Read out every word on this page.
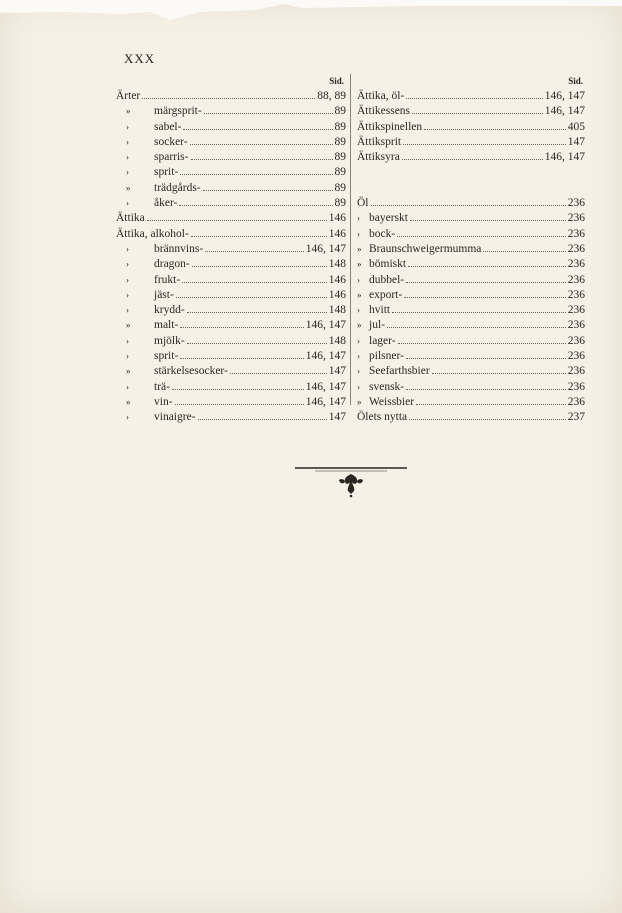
XXX
Sid.
Ärter	88, 89
»	märgsprit-	89
›	sabel-	89
›	socker-	89
›	sparris-	89
›	sprit-	89
»	trädgårds-	89
›	åker-	89
Ättika	146
Ättika, alkohol-	146
›	brännvins-	146, 147
›	dragon-	148
›	frukt-	146
›	jäst-	146
›	krydd-	148
»	malt-	146, 147
›	mjölk-	148
›	sprit-	146, 147
»	stärkelsesocker-	147
›	trä-	146, 147
»	vin-	146, 147
›	vinaigre-	147
Sid.
Ättika, öl-	146, 147
Ättikessens	146, 147
Ättikspinellen	405
Ättiksprit	147
Ättiksyra	146, 147
Öl	236
› bayerskt	236
› bock-	236
» Braunschweigermumma	236
» bömiskt	236
› dubbel-	236
» export-	236
› hvitt	236
» jul-	236
› lager-	236
› pilsner-	236
› Seefarthsbier	236
› svensk-	236
» Weissbier	236
Ölets nytta	237
